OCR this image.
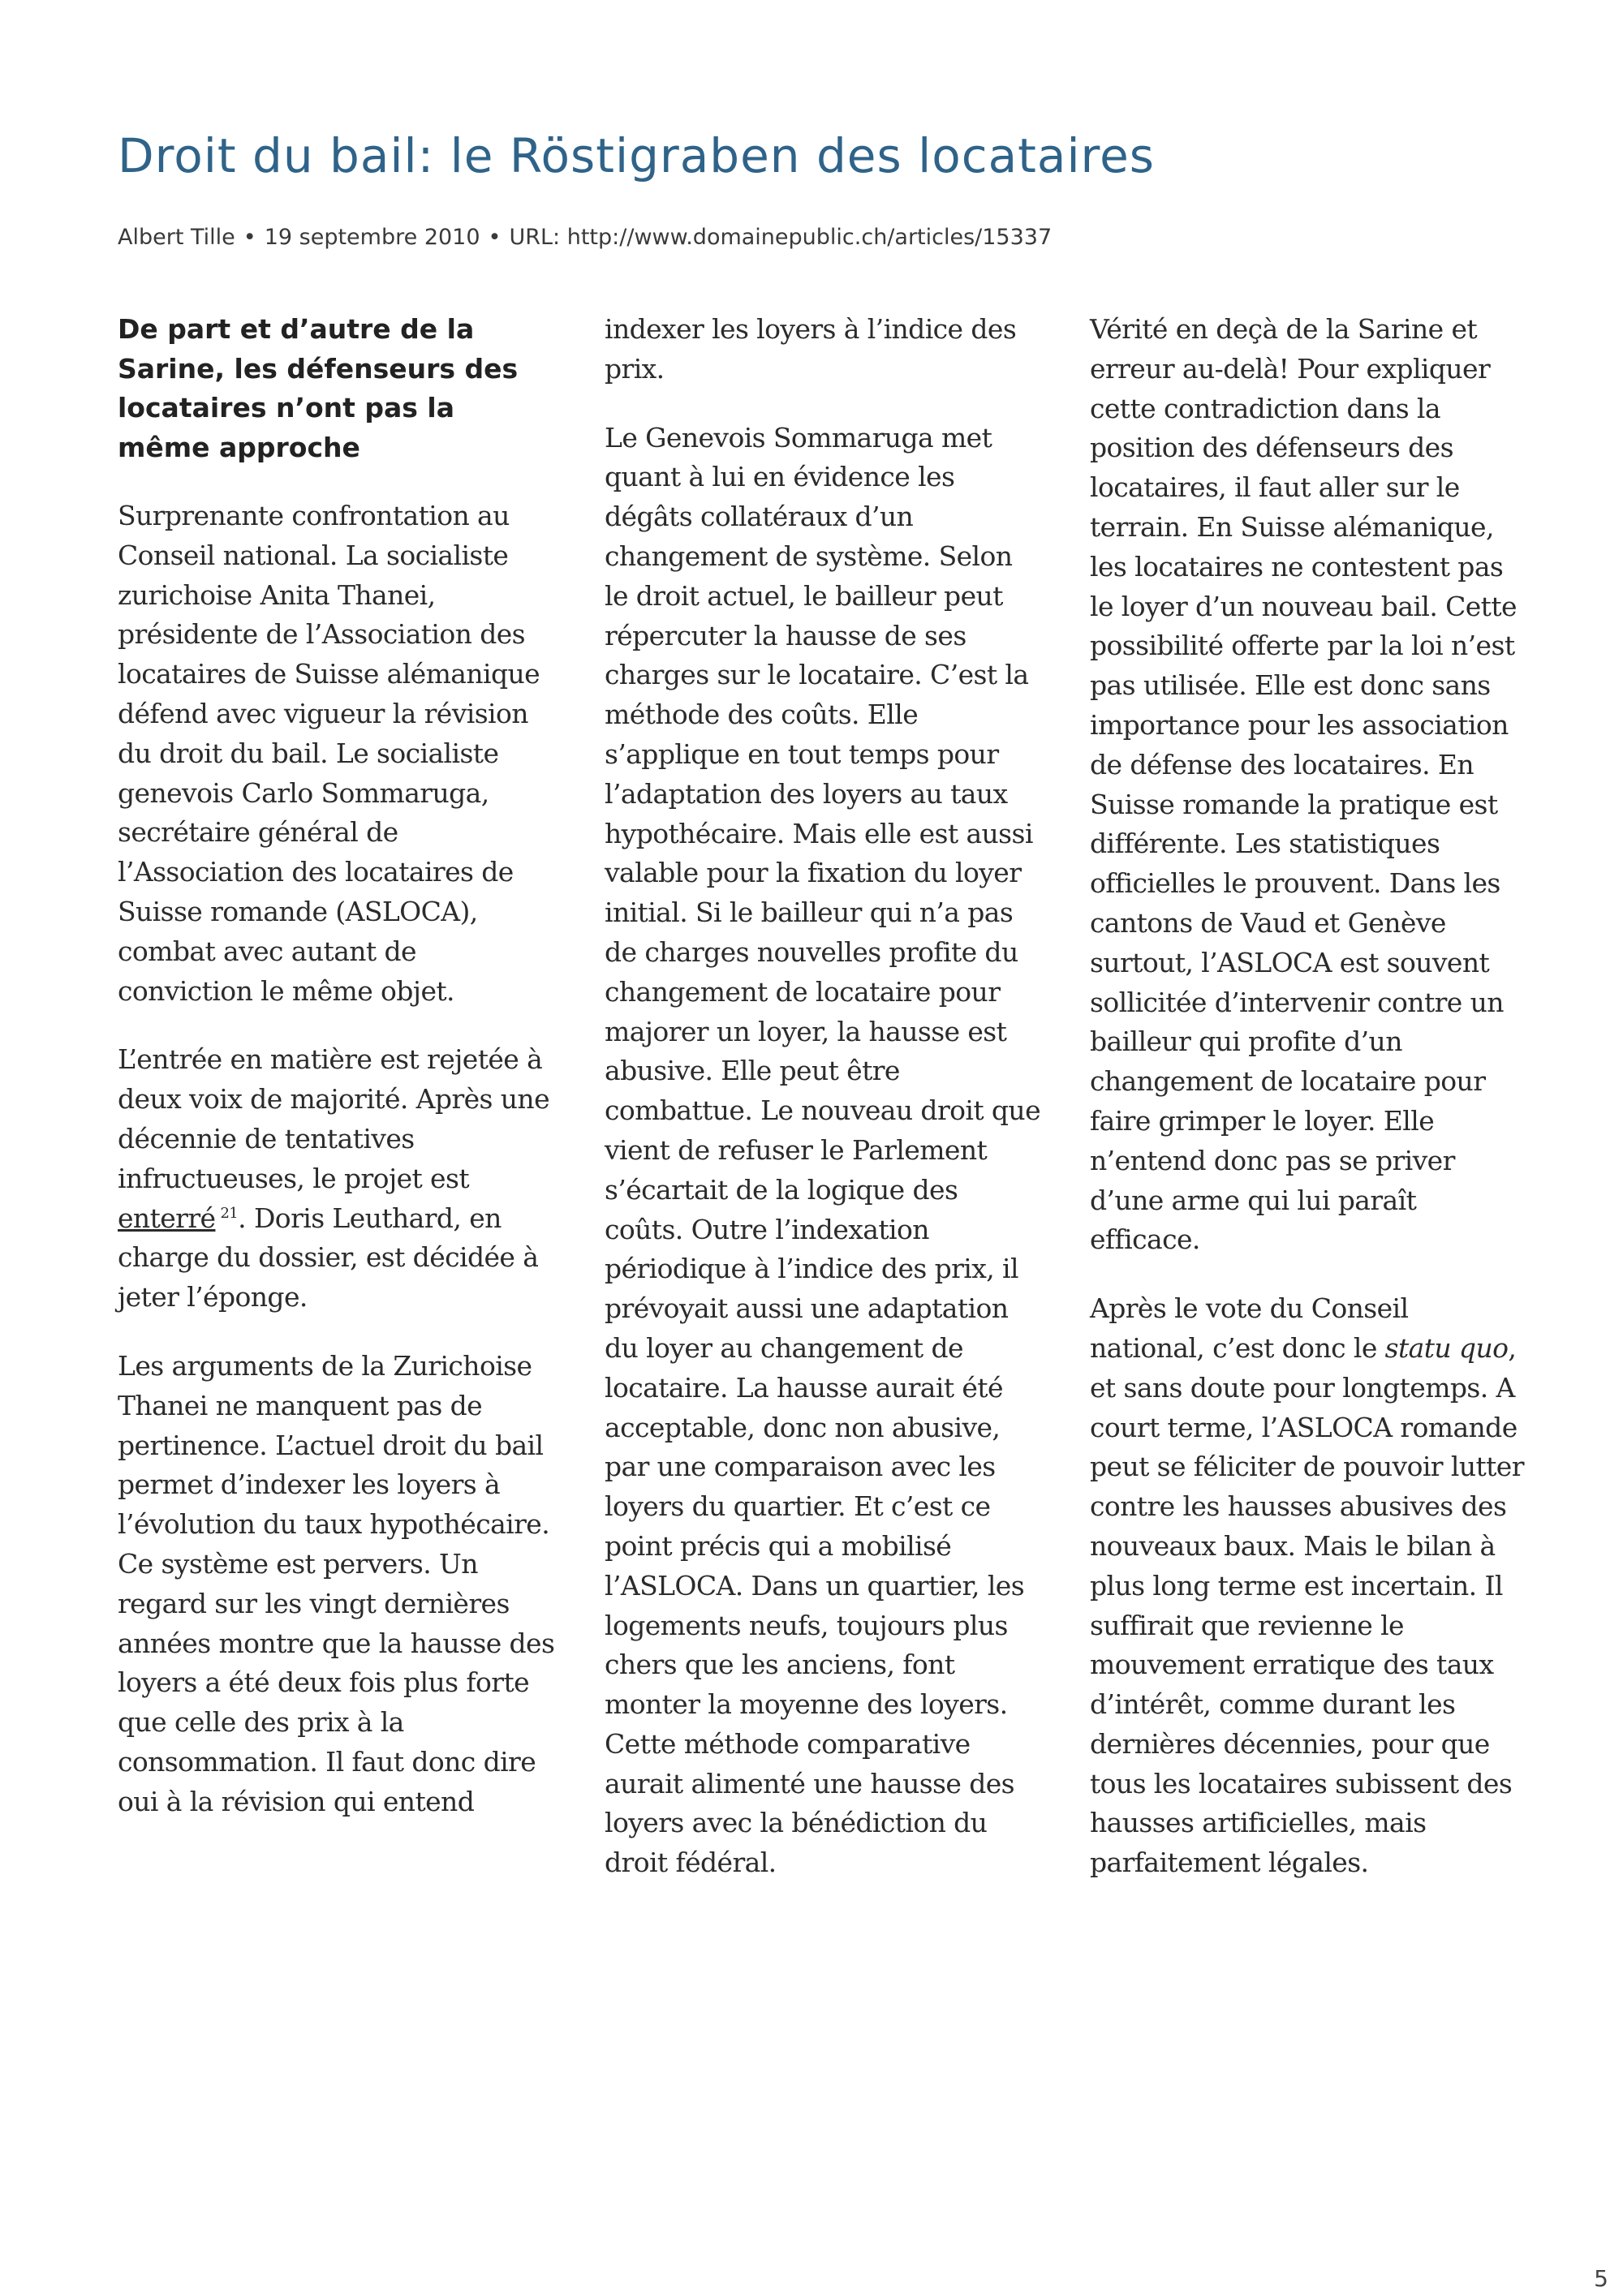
Droit du bail: le Röstigraben des locataires
Albert Tille • 19 septembre 2010 • URL: http://www.domainepublic.ch/articles/15337

De part et d’autre de la Sarine, les défenseurs des locataires n’ont pas la même approche

Surprenante confrontation au Conseil national. La socialiste zurichoise Anita Thanei, présidente de l’Association des locataires de Suisse alémanique défend avec vigueur la révision du droit du bail. Le socialiste genevois Carlo Sommaruga, secrétaire général de l’Association des locataires de Suisse romande (ASLOCA), combat avec autant de conviction le même objet.

L’entrée en matière est rejetée à deux voix de majorité. Après une décennie de tentatives infructueuses, le projet est enterré $^{21}$. Doris Leuthard, en charge du dossier, est décidée à jeter l’éponge.

Les arguments de la Zurichoise Thanei ne manquent pas de pertinence. L’actuel droit du bail permet d’indexer les loyers à l’évolution du taux hypothécaire. Ce système est pervers. Un regard sur les vingt dernières années montre que la hausse des loyers a été deux fois plus forte que celle des prix à la consommation. Il faut donc dire oui à la révision qui entend

indexer les loyers à l’indice des prix.

Le Genevois Sommaruga met quant à lui en évidence les dégâts collatéraux d’un changement de système. Selon le droit actuel, le bailleur peut répercuter la hausse de ses charges sur le locataire. C’est la méthode des coûts. Elle s’applique en tout temps pour l’adaptation des loyers au taux hypothécaire. Mais elle est aussi valable pour la fixation du loyer initial. Si le bailleur qui n’a pas de charges nouvelles profite du changement de locataire pour majorer un loyer, la hausse est abusive. Elle peut être combattue. Le nouveau droit que vient de refuser le Parlement s’écartait de la logique des coûts. Outre l’indexation périodique à l’indice des prix, il prévoyait aussi une adaptation du loyer au changement de locataire. La hausse aurait été acceptable, donc non abusive, par une comparaison avec les loyers du quartier. Et c’est ce point précis qui a mobilisé l’ASLOCA. Dans un quartier, les logements neufs, toujours plus chers que les anciens, font monter la moyenne des loyers. Cette méthode comparative aurait alimenté une hausse des loyers avec la bénédiction du droit fédéral.

Vérité en deçà de la Sarine et erreur au-delà! Pour expliquer cette contradiction dans la position des défenseurs des locataires, il faut aller sur le terrain. En Suisse alémanique, les locataires ne contestent pas le loyer d’un nouveau bail. Cette possibilité offerte par la loi n’est pas utilisée. Elle est donc sans importance pour les association de défense des locataires. En Suisse romande la pratique est différente. Les statistiques officielles le prouvent. Dans les cantons de Vaud et Genève surtout, l’ASLOCA est souvent sollicitée d’intervenir contre un bailleur qui profite d’un changement de locataire pour faire grimper le loyer. Elle n’entend donc pas se priver d’une arme qui lui paraît efficace.

Après le vote du Conseil national, c’est donc le statu quo, et sans doute pour longtemps. A court terme, l’ASLOCA romande peut se féliciter de pouvoir lutter contre les hausses abusives des nouveaux baux. Mais le bilan à plus long terme est incertain. Il suffirait que revienne le mouvement erratique des taux d’intérêt, comme durant les dernières décennies, pour que tous les locataires subissent des hausses artificielles, mais parfaitement légales.

5
